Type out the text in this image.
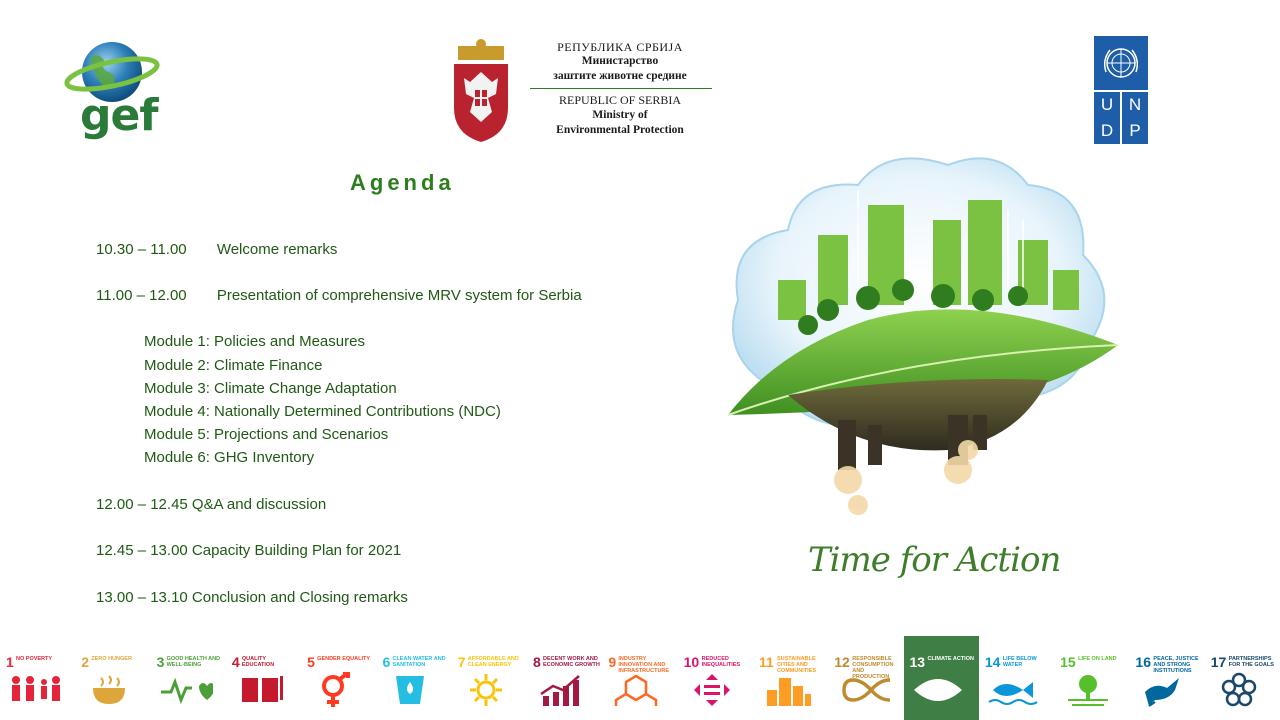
gef
РЕПУБЛИКА СРБИЈА
Министарство
заштите животне средине
REPUBLIC OF SERBIA
Ministry of
Environmental Protection
U N
D P
Agenda
10.30 – 11.00 Welcome remarks
11.00 – 12.00 Presentation of comprehensive MRV system for Serbia
Module 1: Policies and Measures
Module 2: Climate Finance
Module 3: Climate Change Adaptation
Module 4: Nationally Determined Contributions (NDC)
Module 5: Projections and Scenarios
Module 6: GHG Inventory
12.00 – 12.45 Q&A and discussion
12.45 – 13.00 Capacity Building Plan for 2021
13.00 – 13.10 Conclusion and Closing remarks
Time for Action
1 NO POVERTY	2 ZERO HUNGER	3 GOOD HEALTH AND WELL-BEING	4 QUALITY EDUCATION	5 GENDER EQUALITY 6 CLEAN WATER AND SANITATION	7 AFFORDABLE AND CLEAN ENERGY	8 DECENT WORK AND ECONOMIC GROWTH 9 INDUSTRY INNOVATION AND INFRASTRUCTURE
10 REDUCED INEQUALITIES	11 SUSTAINABLE CITIES AND COMMUNITIES
12 RESPONSIBLE CONSUMPTION AND PRODUCTION
13 CLIMATE ACTION 14 LIFE BELOW WATER	15 LIFE ON LAND	16 PEACE, JUSTICE AND STRONG INSTITUTIONS
17 PARTNERSHIPS FOR THE GOALS
